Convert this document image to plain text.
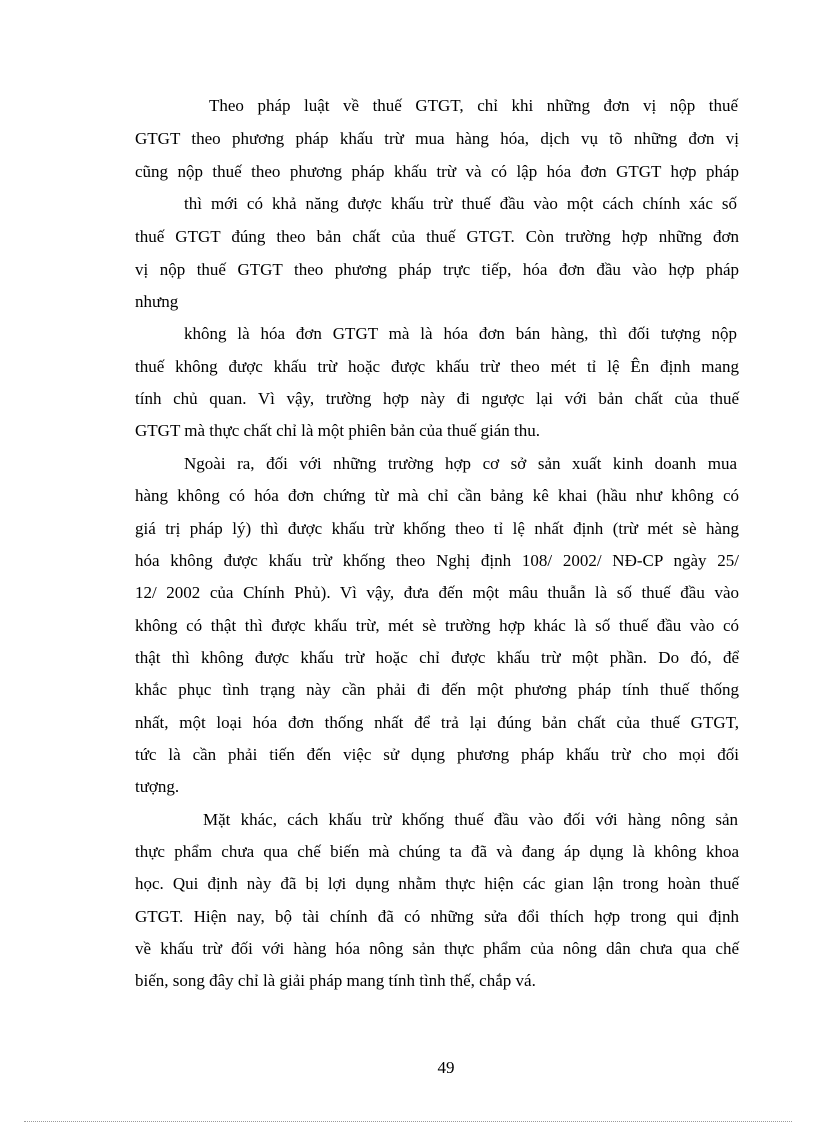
Theo pháp luật về thuế GTGT, chỉ khi những đơn vị nộp thuế

GTGT theo phương pháp khấu trừ mua hàng hóa, dịch vụ tõ những đơn vị

cũng nộp thuế theo phương pháp khấu trừ và có lập hóa đơn GTGT hợp pháp

thì mới có khả năng được khấu trừ thuế đầu vào một cách chính xác số

thuế GTGT đúng theo bản chất của thuế GTGT. Còn trường hợp những đơn

vị nộp thuế GTGT theo phương pháp trực tiếp, hóa đơn đầu vào hợp pháp

nhưng

không là hóa đơn GTGT mà là hóa đơn bán hàng, thì đối tượng nộp

thuế không được khấu trừ hoặc được khấu trừ theo mét tỉ lệ Ên định mang

tính chủ quan. Vì vậy, trường hợp này đi ngược lại với bản chất của thuế

GTGT mà thực chất chỉ là một phiên bản của thuế gián thu.

Ngoài ra, đối với những trường hợp cơ sở sản xuất kinh doanh mua

hàng không có hóa đơn chứng từ mà chỉ cần bảng kê khai (hầu như không có

giá trị pháp lý) thì được khấu trừ khống theo tỉ lệ nhất định (trừ mét sè hàng

hóa không được khấu trừ khống theo Nghị định 108/ 2002/ NĐ-CP ngày 25/

12/ 2002 của Chính Phủ). Vì vậy, đưa đến một mâu thuẫn là số thuế đầu vào

không có thật thì được khấu trừ, mét sè trường hợp khác là số thuế đầu vào có

thật thì không được khấu trừ hoặc chỉ được khấu trừ một phần. Do đó, để

khắc phục tình trạng này cần phải đi đến một phương pháp tính thuế thống

nhất, một loại hóa đơn thống nhất để trả lại đúng bản chất của thuế GTGT,

tức là cần phải tiến đến việc sử dụng phương pháp khấu trừ cho mọi đối

tượng.

Mặt khác, cách khấu trừ khống thuế đầu vào đối với hàng nông sản

thực phẩm chưa qua chế biến mà chúng ta đã và đang áp dụng là không khoa

học. Qui định này đã bị lợi dụng nhằm thực hiện các gian lận trong hoàn thuế

GTGT. Hiện nay, bộ tài chính đã có những sửa đổi thích hợp trong qui định

về khấu trừ đối với hàng hóa nông sản thực phẩm của nông dân chưa qua chế

biến, song đây chỉ là giải pháp mang tính tình thế, chắp vá.

49
